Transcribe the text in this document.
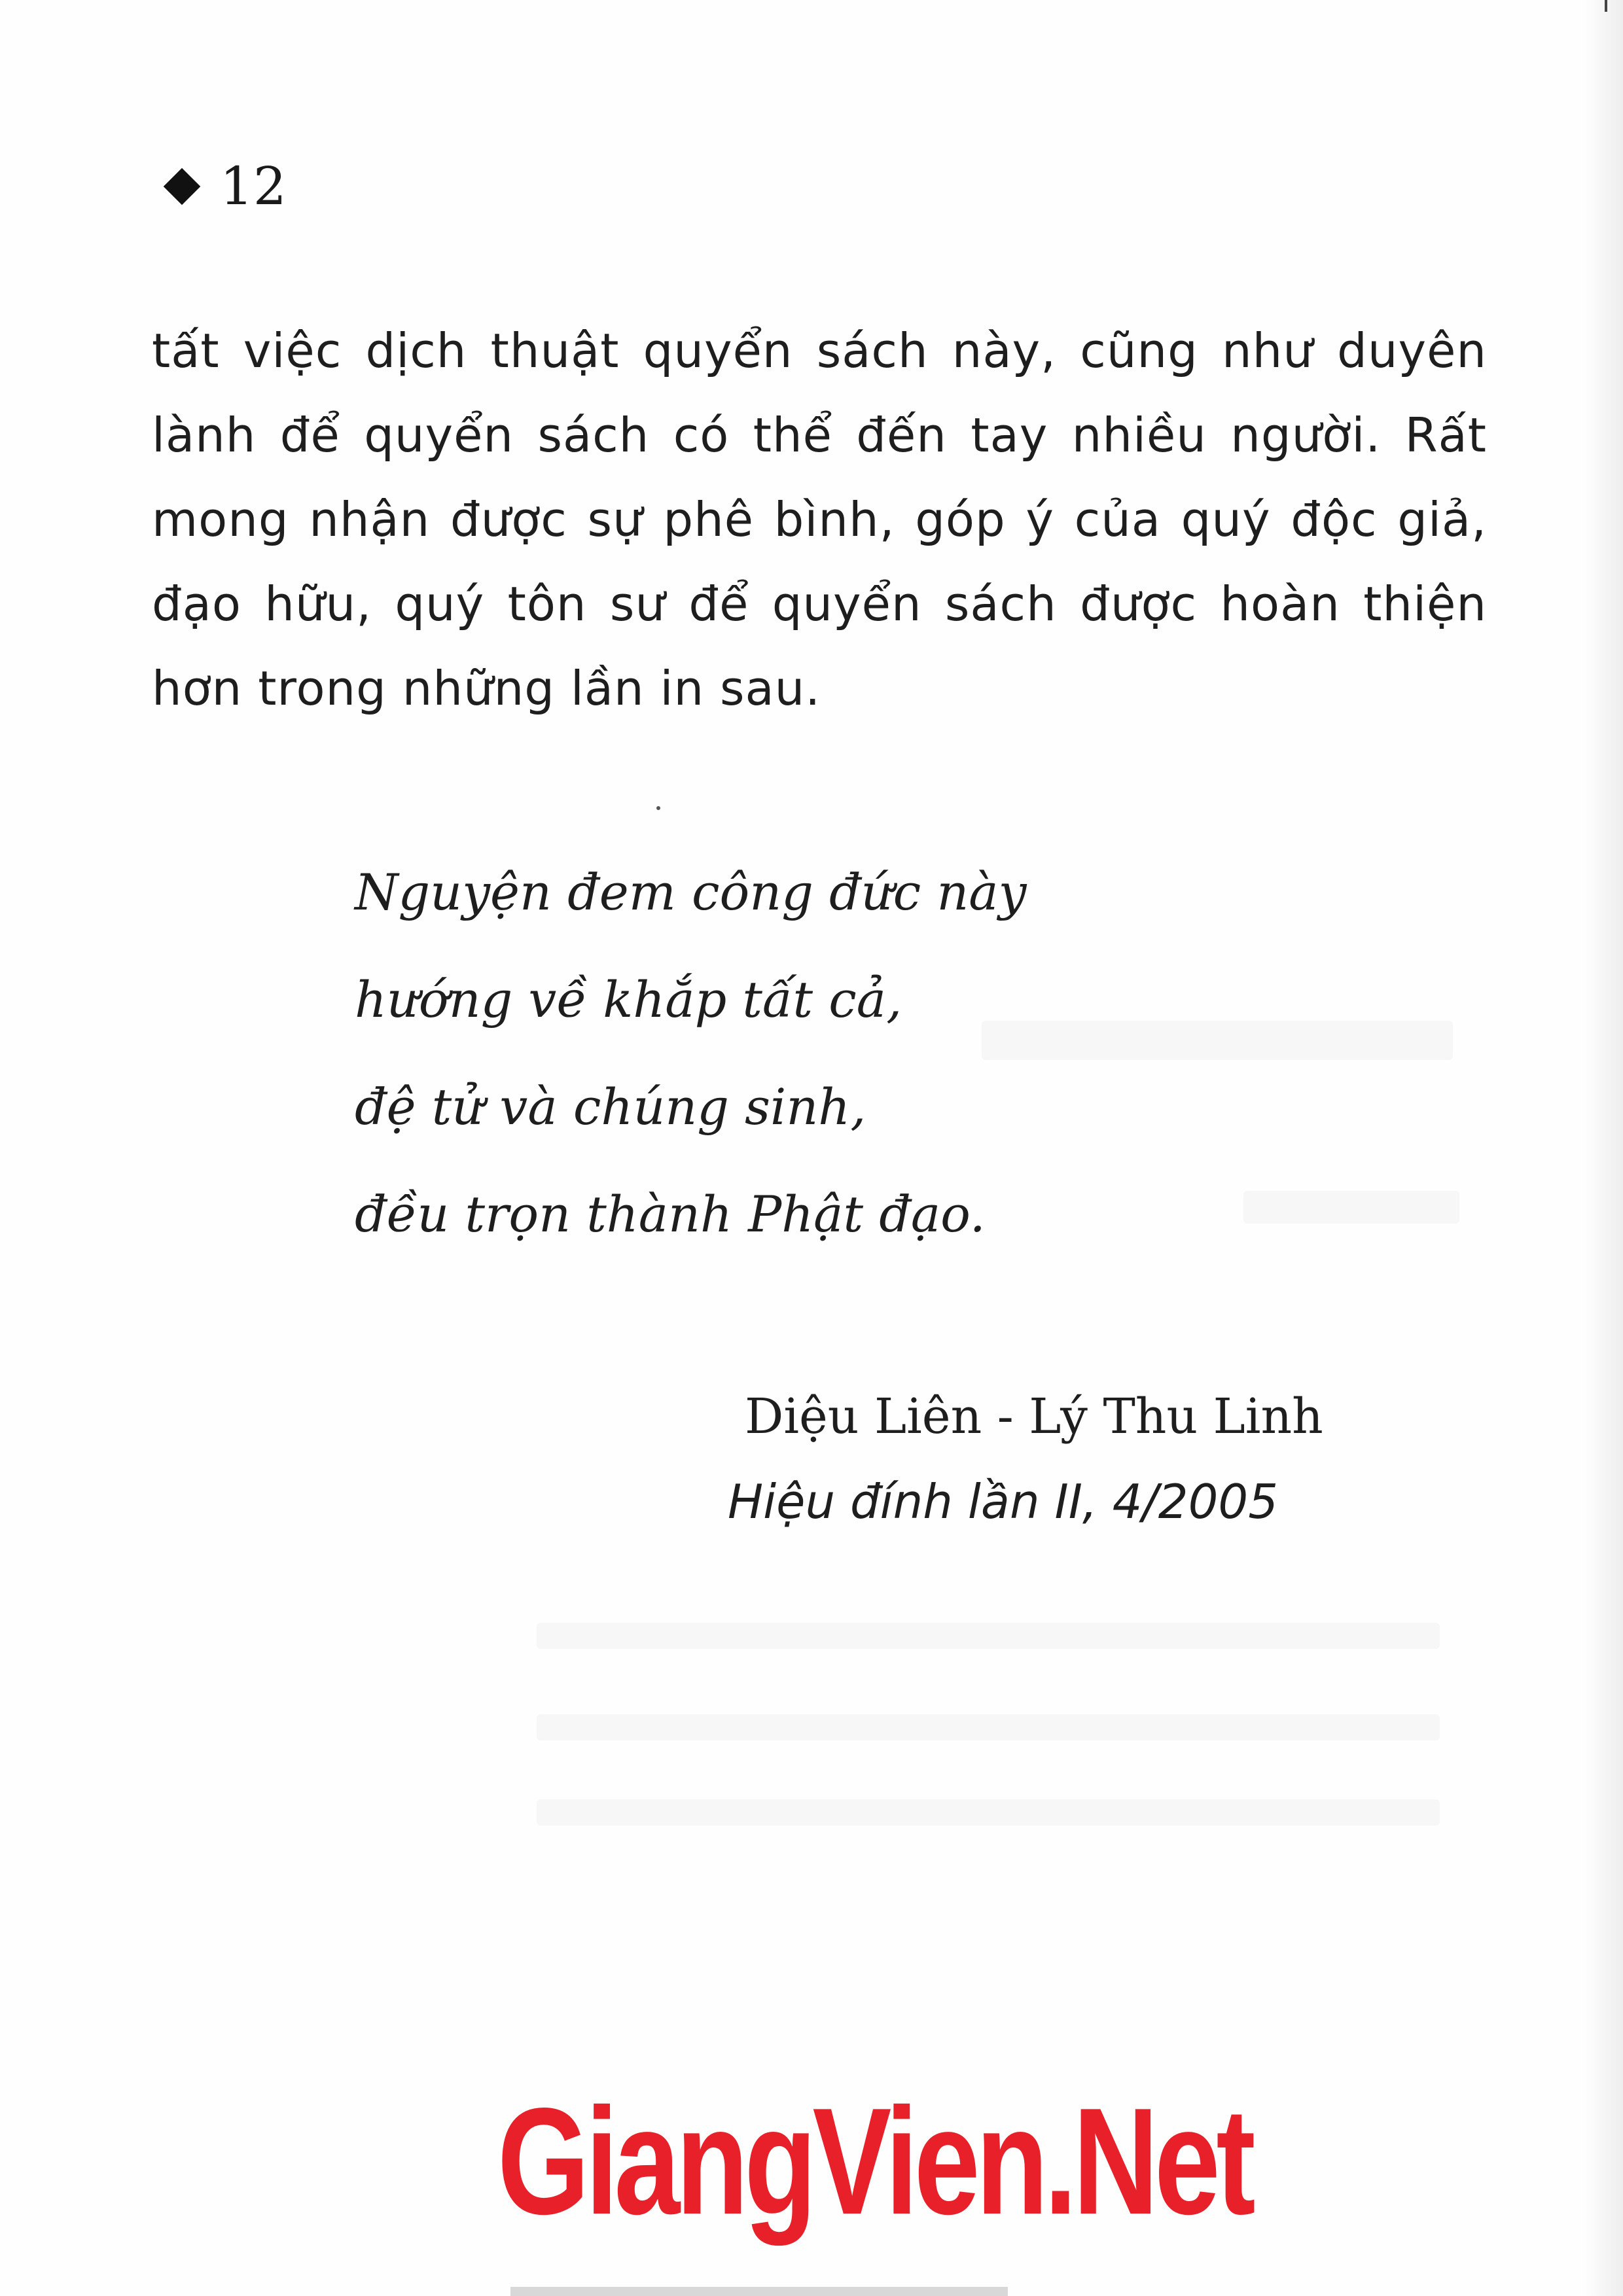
12
tất việc dịch thuật quyển sách này, cũng như duyên
lành để quyển sách có thể đến tay nhiều người. Rất
mong nhận được sự phê bình, góp ý của quý độc giả,
đạo hữu, quý tôn sư để quyển sách được hoàn thiện
hơn trong những lần in sau.
Nguyện đem công đức này
hướng về khắp tất cả,
đệ tử và chúng sinh,
đều trọn thành Phật đạo.
Diệu Liên - Lý Thu Linh
Hiệu đính lần II, 4/2005
GiangVien.Net
